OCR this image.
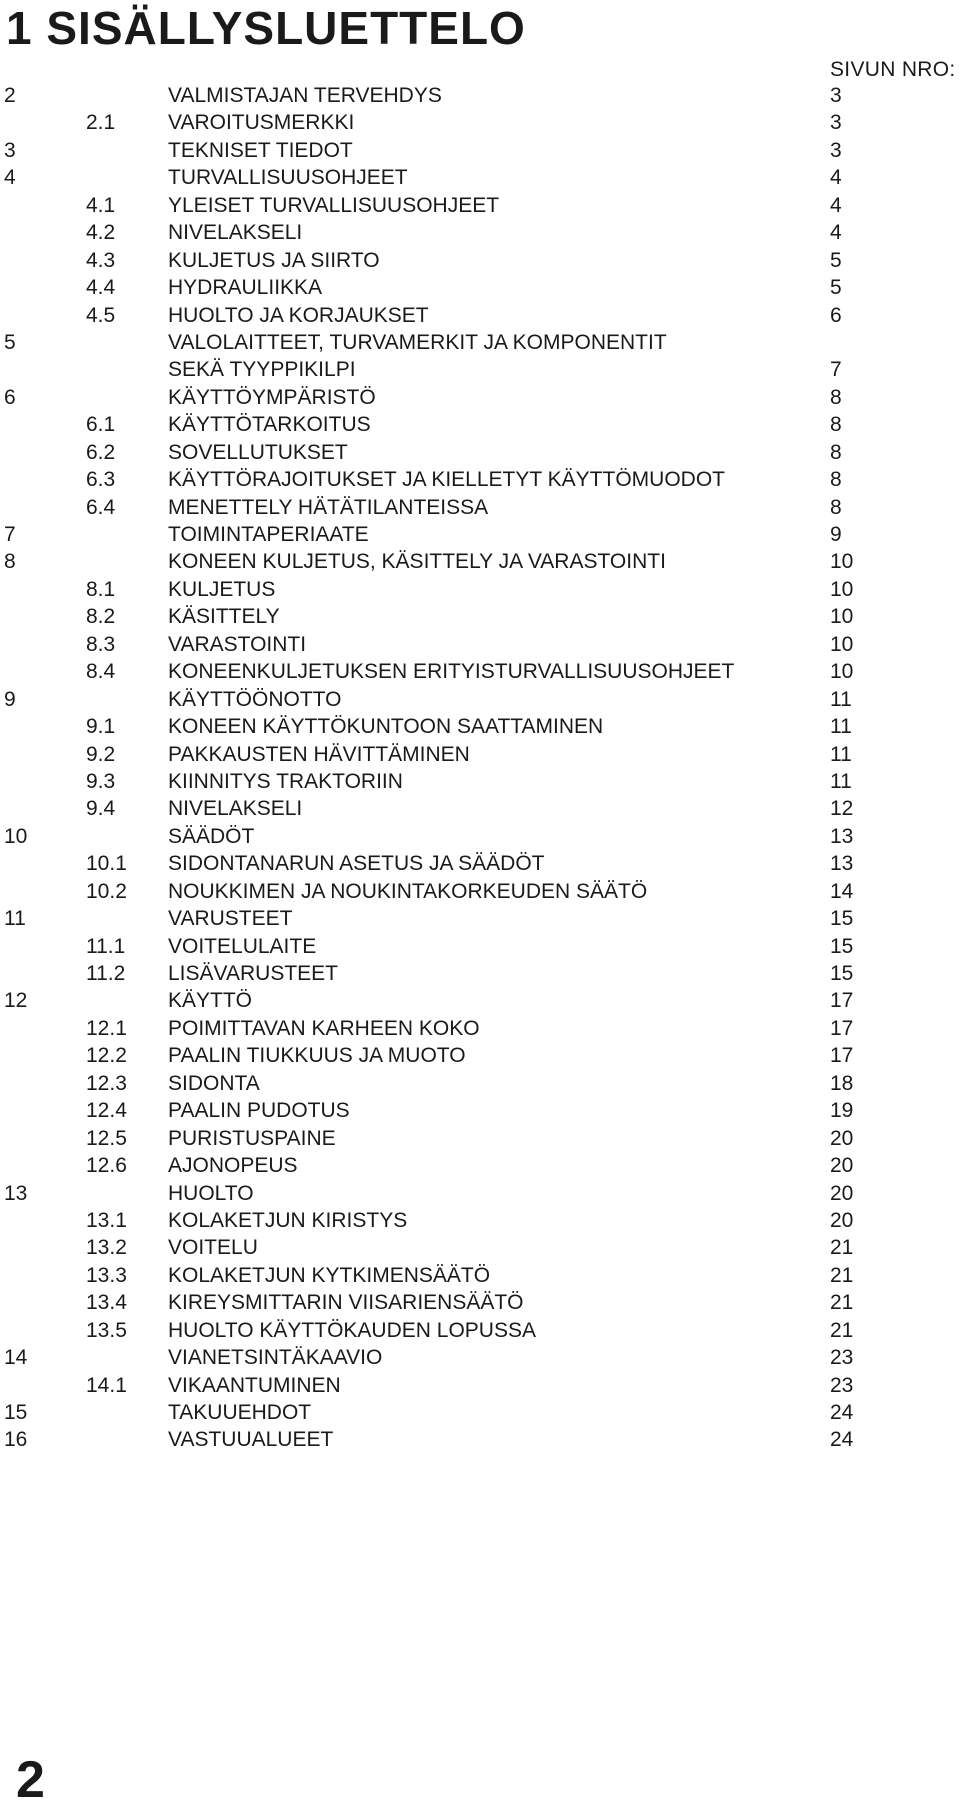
1 SISÄLLYSLUETTELO
SIVUN NRO:
2	VALMISTAJAN TERVEHDYS	3
2.1	VAROITUSMERKKI	3
3	TEKNISET TIEDOT	3
4	TURVALLISUUSOHJEET	4
4.1	YLEISET TURVALLISUUSOHJEET	4
4.2	NIVELAKSELI	4
4.3	KULJETUS JA SIIRTO	5
4.4	HYDRAULIIKKA	5
4.5	HUOLTO JA KORJAUKSET	6
5	VALOLAITTEET, TURVAMERKIT JA KOMPONENTIT
SEKÄ TYYPPIKILPI	7
6	KÄYTTÖYMPÄRISTÖ	8
6.1	KÄYTTÖTARKOITUS	8
6.2	SOVELLUTUKSET	8
6.3	KÄYTTÖRAJOITUKSET JA KIELLETYT KÄYTTÖMUODOT	8
6.4	MENETTELY HÄTÄTILANTEISSA	8
7	TOIMINTAPERIAATE	9
8	KONEEN KULJETUS, KÄSITTELY JA VARASTOINTI	10
8.1	KULJETUS	10
8.2	KÄSITTELY	10
8.3	VARASTOINTI	10
8.4	KONEENKULJETUKSEN ERITYISTURVALLISUUSOHJEET	10
9	KÄYTTÖÖNOTTO	11
9.1	KONEEN KÄYTTÖKUNTOON SAATTAMINEN	11
9.2	PAKKAUSTEN HÄVITTÄMINEN	11
9.3	KIINNITYS TRAKTORIIN	11
9.4	NIVELAKSELI	12
10	SÄÄDÖT	13
10.1 SIDONTANARUN ASETUS JA SÄÄDÖT	13
10.2 NOUKKIMEN JA NOUKINTAKORKEUDEN SÄÄTÖ	14
11	VARUSTEET	15
11.1 VOITELULAITE	15
11.2 LISÄVARUSTEET	15
12	KÄYTTÖ	17
12.1 POIMITTAVAN KARHEEN KOKO	17
12.2 PAALIN TIUKKUUS JA MUOTO	17
12.3 SIDONTA	18
12.4 PAALIN PUDOTUS	19
12.5 PURISTUSPAINE	20
12.6 AJONOPEUS	20
13	HUOLTO	20
13.1 KOLAKETJUN KIRISTYS	20
13.2 VOITELU	21
13.3 KOLAKETJUN KYTKIMENSÄÄTÖ	21
13.4 KIREYSMITTARIN VIISARIENSÄÄTÖ	21
13.5 HUOLTO KÄYTTÖKAUDEN LOPUSSA	21
14	VIANETSINTÄKAAVIO	23
14.1 VIKAANTUMINEN	23
15	TAKUUEHDOT	24
16	VASTUUALUEET	24
2
